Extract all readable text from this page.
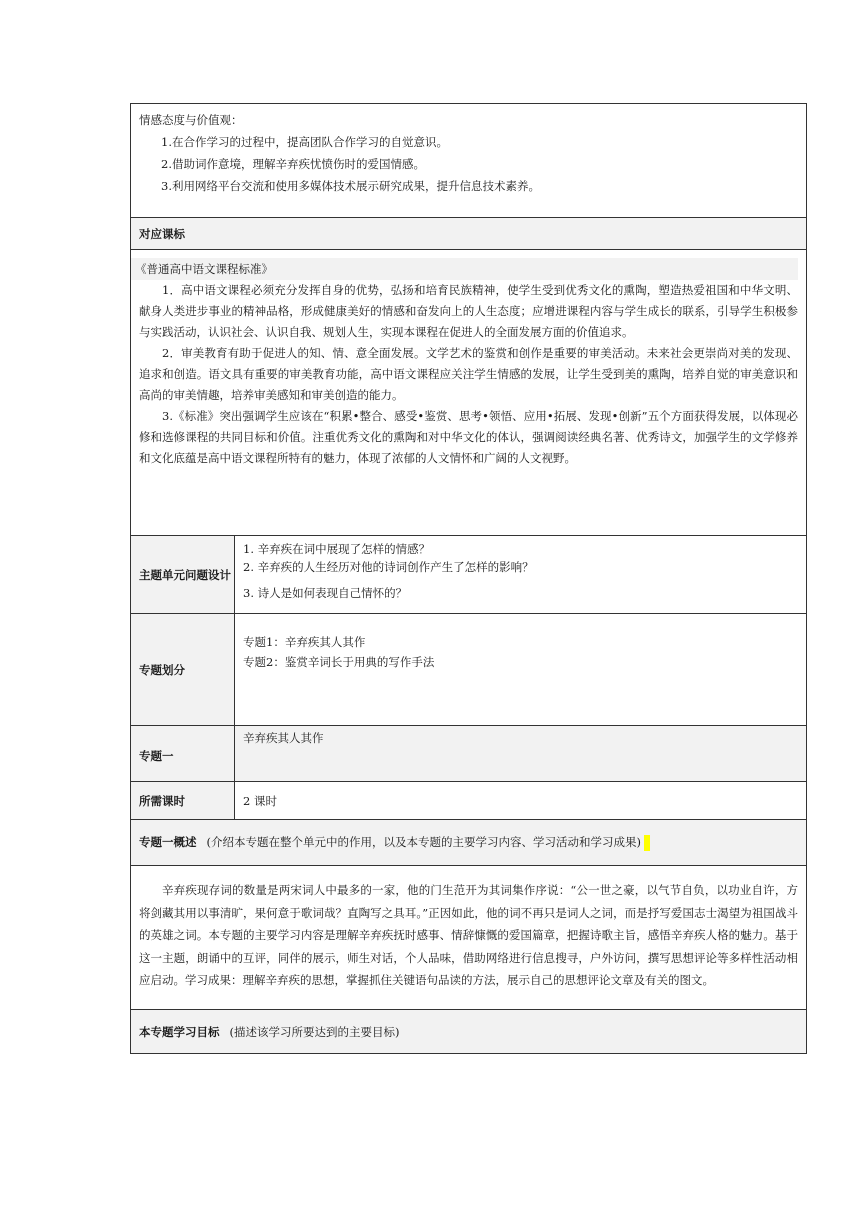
情感态度与价值观：
1.在合作学习的过程中，提高团队合作学习的自觉意识。
2.借助词作意境，理解辛弃疾忧愤伤时的爱国情感。
3.利用网络平台交流和使用多媒体技术展示研究成果，提升信息技术素养。	

对应课标	

《普通高中语文课程标准》

1．高中语文课程必须充分发挥自身的优势，弘扬和培育民族精神，使学生受到优秀文化的熏陶，塑造热爱祖国和中华文明、献身人类进步事业的精神品格，形成健康美好的情感和奋发向上的人生态度；应增进课程内容与学生成长的联系，引导学生积极参与实践活动，认识社会、认识自我、规划人生，实现本课程在促进人的全面发展方面的价值追求。

2．审美教育有助于促进人的知、情、意全面发展。文学艺术的鉴赏和创作是重要的审美活动。未来社会更崇尚对美的发现、追求和创造。语文具有重要的审美教育功能，高中语文课程应关注学生情感的发展，让学生受到美的熏陶，培养自觉的审美意识和高尚的审美情趣，培养审美感知和审美创造的能力。

3.《标准》突出强调学生应该在“积累•整合、感受•鉴赏、思考•领悟、应用•拓展、发现•创新”五个方面获得发展，以体现必修和选修课程的共同目标和价值。注重优秀文化的熏陶和对中华文化的体认，强调阅读经典名著、优秀诗文，加强学生的文学修养和文化底蕴是高中语文课程所特有的魅力，体现了浓郁的人文情怀和广阔的人文视野。	

主题单元问题设计	1. 辛弃疾在词中展现了怎样的情感？
2. 辛弃疾的人生经历对他的诗词创作产生了怎样的影响？
3. 诗人是如何表现自己情怀的？

专题划分	专题1：辛弃疾其人其作
专题2：鉴赏辛词长于用典的写作手法

专题一	辛弃疾其人其作
所需课时	2 课时
专题一概述 (介绍本专题在整个单元中的作用，以及本专题的主要学习内容、学习活动和学习成果)	

辛弃疾现存词的数量是两宋词人中最多的一家，他的门生范开为其词集作序说：“公一世之豪，以气节自负，以功业自许，方将剑藏其用以事清旷，果何意于歌词哉？直陶写之具耳。”正因如此，他的词不再只是词人之词，而是抒写爱国志士渴望为祖国战斗的英雄之词。本专题的主要学习内容是理解辛弃疾抚时感事、情辞慷慨的爱国篇章，把握诗歌主旨，感悟辛弃疾人格的魅力。基于这一主题，朗诵中的互评，同伴的展示，师生对话，个人品味，借助网络进行信息搜寻，户外访问，撰写思想评论等多样性活动相应启动。学习成果：理解辛弃疾的思想，掌握抓住关键语句品读的方法，展示自己的思想评论文章及有关的图文。	

本专题学习目标 (描述该学习所要达到的主要目标)	
